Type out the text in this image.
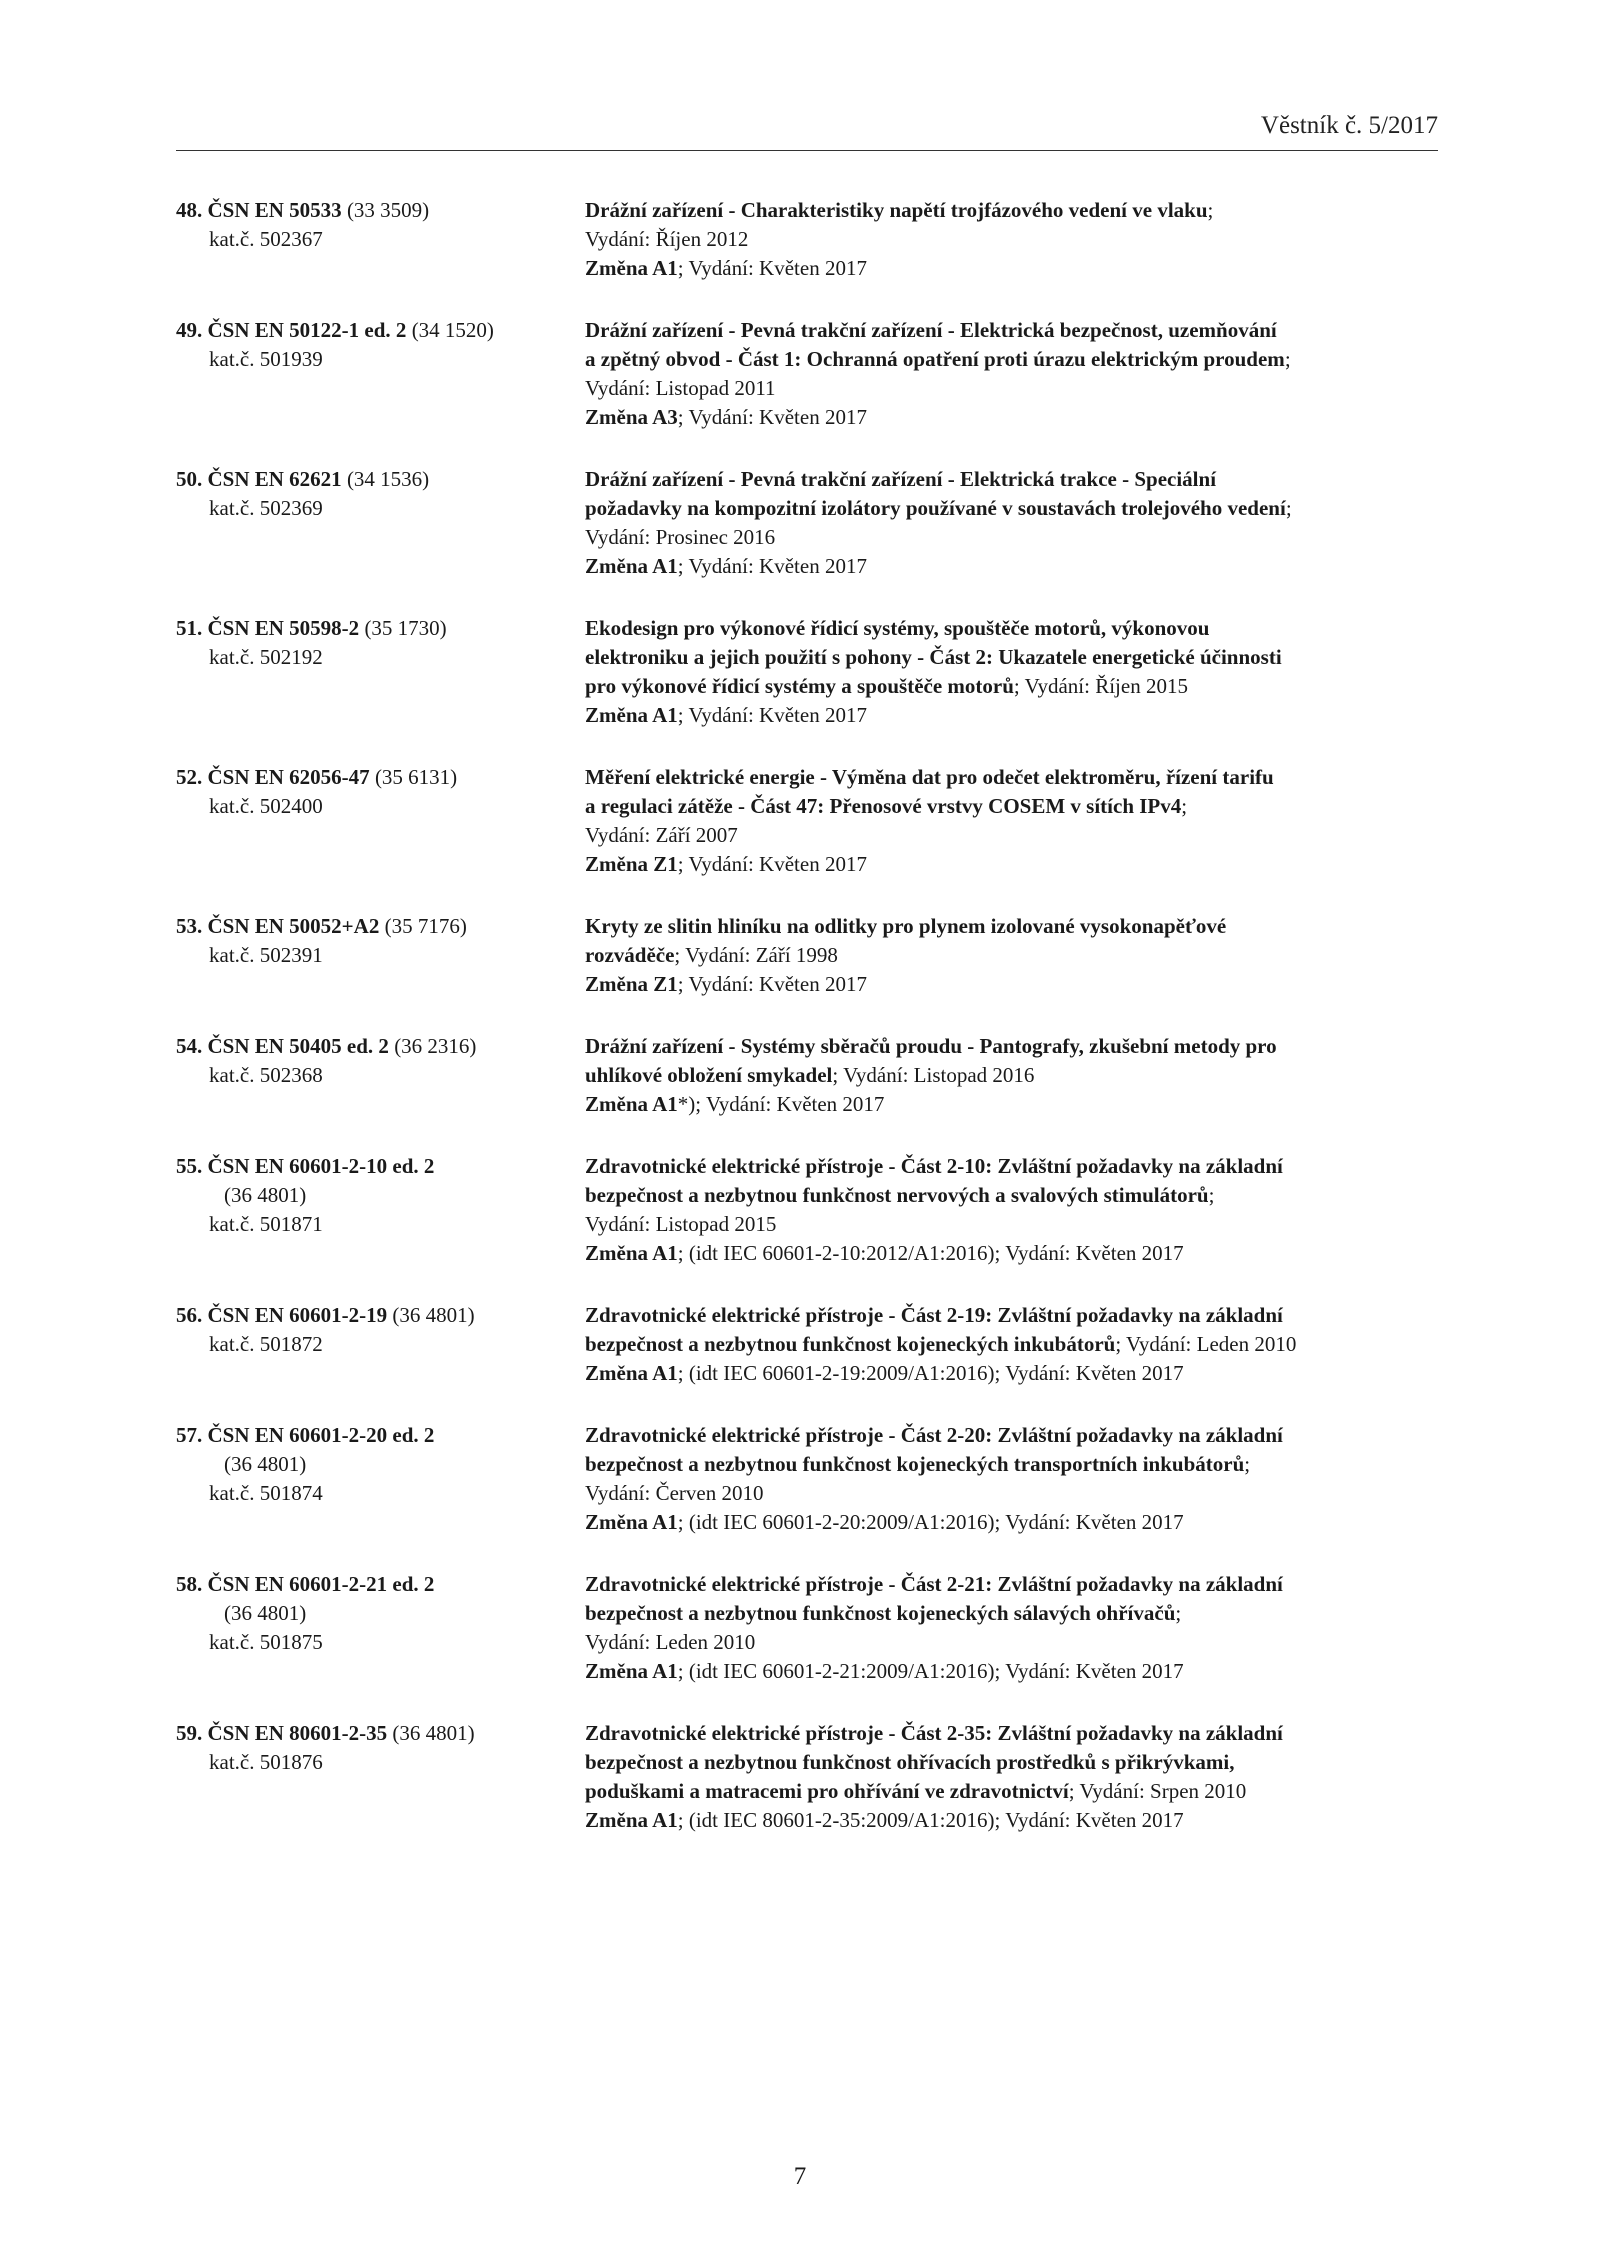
Věstník č. 5/2017
48. ČSN EN 50533 (33 3509)
kat.č. 502367
Drážní zařízení - Charakteristiky napětí trojfázového vedení ve vlaku;
Vydání: Říjen 2012
Změna A1; Vydání: Květen 2017
49. ČSN EN 50122-1 ed. 2 (34 1520)
kat.č. 501939
Drážní zařízení - Pevná trakční zařízení - Elektrická bezpečnost, uzemňování
a zpětný obvod - Část 1: Ochranná opatření proti úrazu elektrickým proudem;
Vydání: Listopad 2011
Změna A3; Vydání: Květen 2017
50. ČSN EN 62621 (34 1536)
kat.č. 502369
Drážní zařízení - Pevná trakční zařízení - Elektrická trakce - Speciální
požadavky na kompozitní izolátory používané v soustavách trolejového vedení;
Vydání: Prosinec 2016
Změna A1; Vydání: Květen 2017
51. ČSN EN 50598-2 (35 1730)
kat.č. 502192
Ekodesign pro výkonové řídicí systémy, spouštěče motorů, výkonovou
elektroniku a jejich použití s pohony - Část 2: Ukazatele energetické účinnosti
pro výkonové řídicí systémy a spouštěče motorů; Vydání: Říjen 2015
Změna A1; Vydání: Květen 2017
52. ČSN EN 62056-47 (35 6131)
kat.č. 502400
Měření elektrické energie - Výměna dat pro odečet elektroměru, řízení tarifu
a regulaci zátěže - Část 47: Přenosové vrstvy COSEM v sítích IPv4;
Vydání: Září 2007
Změna Z1; Vydání: Květen 2017
53. ČSN EN 50052+A2 (35 7176)
kat.č. 502391
Kryty ze slitin hliníku na odlitky pro plynem izolované vysokonapěťové
rozváděče; Vydání: Září 1998
Změna Z1; Vydání: Květen 2017
54. ČSN EN 50405 ed. 2 (36 2316)
kat.č. 502368
Drážní zařízení - Systémy sběračů proudu - Pantografy, zkušební metody pro
uhlíkové obložení smykadel; Vydání: Listopad 2016
Změna A1*); Vydání: Květen 2017
55. ČSN EN 60601-2-10 ed. 2
(36 4801)
kat.č. 501871
Zdravotnické elektrické přístroje - Část 2-10: Zvláštní požadavky na základní
bezpečnost a nezbytnou funkčnost nervových a svalových stimulátorů;
Vydání: Listopad 2015
Změna A1; (idt IEC 60601-2-10:2012/A1:2016); Vydání: Květen 2017
56. ČSN EN 60601-2-19 (36 4801)
kat.č. 501872
Zdravotnické elektrické přístroje - Část 2-19: Zvláštní požadavky na základní
bezpečnost a nezbytnou funkčnost kojeneckých inkubátorů; Vydání: Leden 2010
Změna A1; (idt IEC 60601-2-19:2009/A1:2016); Vydání: Květen 2017
57. ČSN EN 60601-2-20 ed. 2
(36 4801)
kat.č. 501874
Zdravotnické elektrické přístroje - Část 2-20: Zvláštní požadavky na základní
bezpečnost a nezbytnou funkčnost kojeneckých transportních inkubátorů;
Vydání: Červen 2010
Změna A1; (idt IEC 60601-2-20:2009/A1:2016); Vydání: Květen 2017
58. ČSN EN 60601-2-21 ed. 2
(36 4801)
kat.č. 501875
Zdravotnické elektrické přístroje - Část 2-21: Zvláštní požadavky na základní
bezpečnost a nezbytnou funkčnost kojeneckých sálavých ohřívačů;
Vydání: Leden 2010
Změna A1; (idt IEC 60601-2-21:2009/A1:2016); Vydání: Květen 2017
59. ČSN EN 80601-2-35 (36 4801)
kat.č. 501876
Zdravotnické elektrické přístroje - Část 2-35: Zvláštní požadavky na základní
bezpečnost a nezbytnou funkčnost ohřívacích prostředků s přikrývkami,
poduškami a matracemi pro ohřívání ve zdravotnictví; Vydání: Srpen 2010
Změna A1; (idt IEC 80601-2-35:2009/A1:2016); Vydání: Květen 2017
7
